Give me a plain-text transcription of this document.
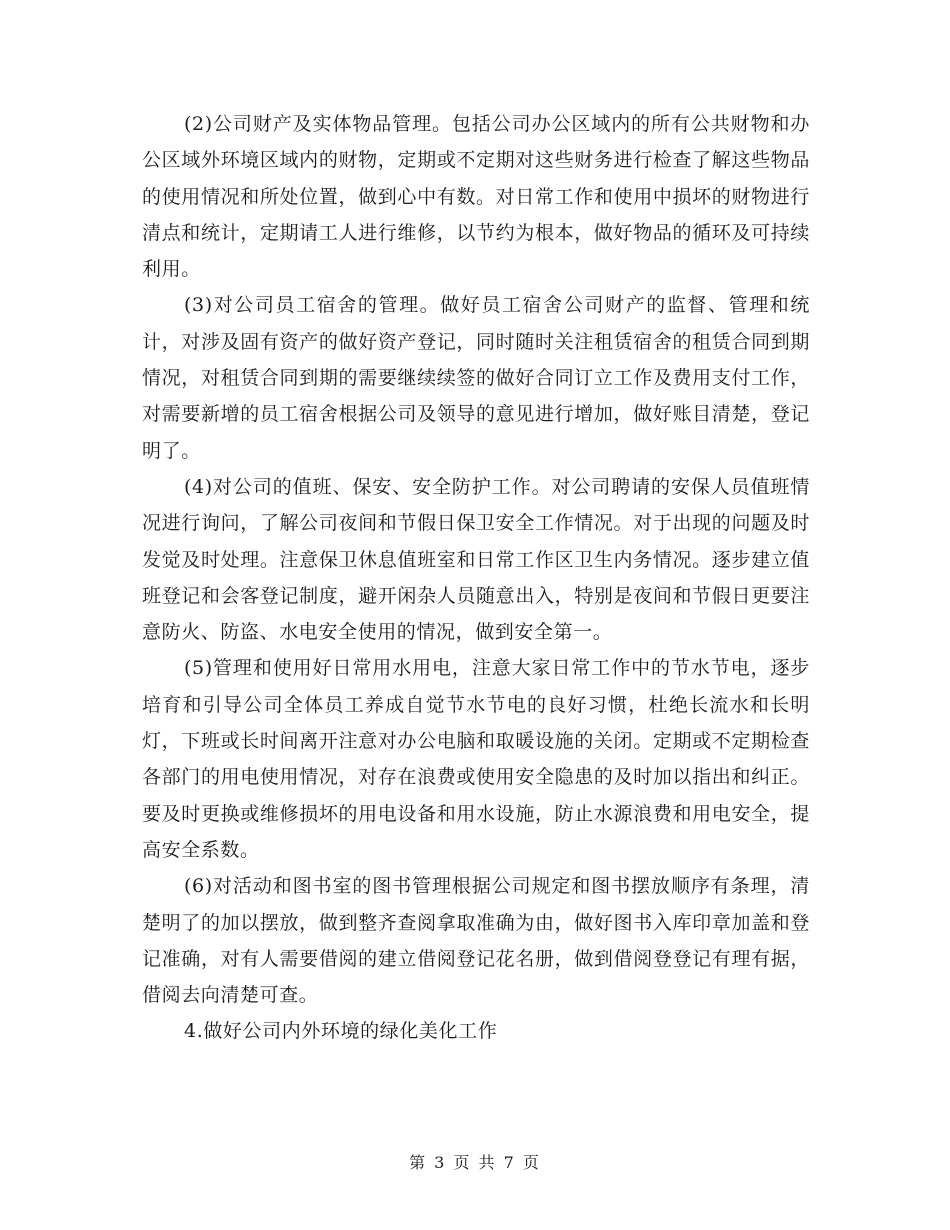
(2)公司财产及实体物品管理。包括公司办公区域内的所有公共财物和办公区域外环境区域内的财物，定期或不定期对这些财务进行检查了解这些物品的使用情况和所处位置，做到心中有数。对日常工作和使用中损坏的财物进行清点和统计，定期请工人进行维修，以节约为根本，做好物品的循环及可持续利用。

(3)对公司员工宿舍的管理。做好员工宿舍公司财产的监督、管理和统计，对涉及固有资产的做好资产登记，同时随时关注租赁宿舍的租赁合同到期情况，对租赁合同到期的需要继续续签的做好合同订立工作及费用支付工作，对需要新增的员工宿舍根据公司及领导的意见进行增加，做好账目清楚，登记明了。

(4)对公司的值班、保安、安全防护工作。对公司聘请的安保人员值班情况进行询问，了解公司夜间和节假日保卫安全工作情况。对于出现的问题及时发觉及时处理。注意保卫休息值班室和日常工作区卫生内务情况。逐步建立值班登记和会客登记制度，避开闲杂人员随意出入，特别是夜间和节假日更要注意防火、防盗、水电安全使用的情况，做到安全第一。

(5)管理和使用好日常用水用电，注意大家日常工作中的节水节电，逐步培育和引导公司全体员工养成自觉节水节电的良好习惯，杜绝长流水和长明灯，下班或长时间离开注意对办公电脑和取暖设施的关闭。定期或不定期检查各部门的用电使用情况，对存在浪费或使用安全隐患的及时加以指出和纠正。要及时更换或维修损坏的用电设备和用水设施，防止水源浪费和用电安全，提高安全系数。

(6)对活动和图书室的图书管理根据公司规定和图书摆放顺序有条理，清楚明了的加以摆放，做到整齐查阅拿取准确为由，做好图书入库印章加盖和登记准确，对有人需要借阅的建立借阅登记花名册，做到借阅登登记有理有据，借阅去向清楚可查。

4.做好公司内外环境的绿化美化工作

第 3 页 共 7 页
